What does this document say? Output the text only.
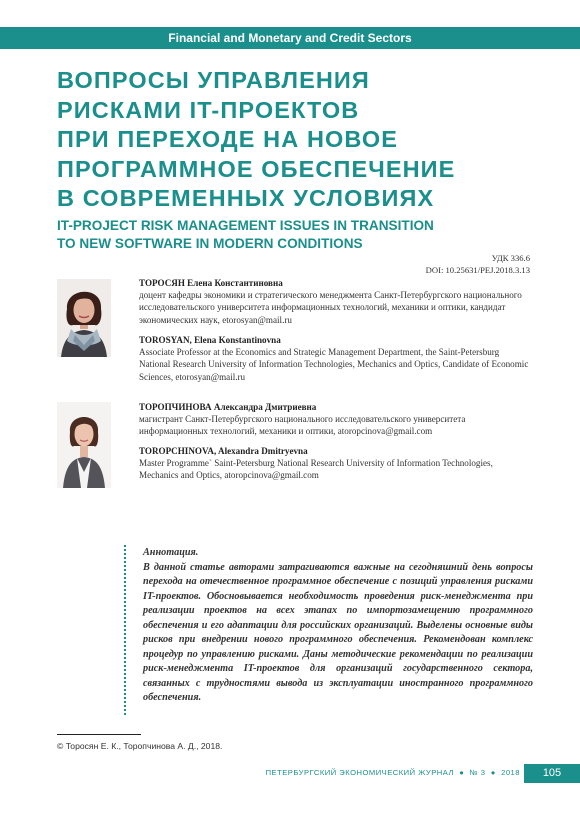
Financial and Monetary and Credit Sectors
ВОПРОСЫ УПРАВЛЕНИЯ
РИСКАМИ IT-ПРОЕКТОВ
ПРИ ПЕРЕХОДЕ НА НОВОЕ
ПРОГРАММНОЕ ОБЕСПЕЧЕНИЕ
В СОВРЕМЕННЫХ УСЛОВИЯХ
IT-PROJECT RISK MANAGEMENT ISSUES IN TRANSITION
TO NEW SOFTWARE IN MODERN CONDITIONS
УДК 336.6
DOI: 10.25631/PEJ.2018.3.13
ТОРОСЯН Елена Константиновна
доцент кафедры экономики и стратегического менеджмента Санкт-Петербургского национального исследовательского университета информационных технологий, механики и оптики, кандидат экономических наук, etorosyan@mail.ru
TOROSYAN, Elena Konstantinovna
Associate Professor at the Economics and Strategic Management Department, the Saint-Petersburg National Research University of Information Technologies, Mechanics and Optics, Candidate of Economic Sciences, etorosyan@mail.ru
ТОРОПЧИНОВА Александра Дмитриевна
магистрант Санкт-Петербургского национального исследовательского университета информационных технологий, механики и оптики, atoropcinova@gmail.com
TOROPCHINOVA, Alexandra Dmitryevna
Master Programme` Saint-Petersburg National Research University of Information Technologies, Mechanics and Optics, atoropcinova@gmail.com
Аннотация.
В данной статье авторами затрагиваются важные на сегодняшний день вопросы перехода на отечественное программное обеспечение с позиций управления рисками IT-проектов. Обосновывается необходимость проведения риск-менеджмента при реализации проектов на всех этапах по импортозамещению программного обеспечения и его адаптации для российских организаций. Выделены основные виды рисков при внедрении нового программного обеспечения. Рекомендован комплекс процедур по управлению рисками. Даны методические рекомендации по реализации риск-менеджмента IT-проектов для организаций государственного сектора, связанных с трудностями вывода из эксплуатации иностранного программного обеспечения.
© Торосян Е. К., Торопчинова А. Д., 2018.
ПЕТЕРБУРГСКИЙ ЭКОНОМИЧЕСКИЙ ЖУРНАЛ ● № 3 ● 2018	105
